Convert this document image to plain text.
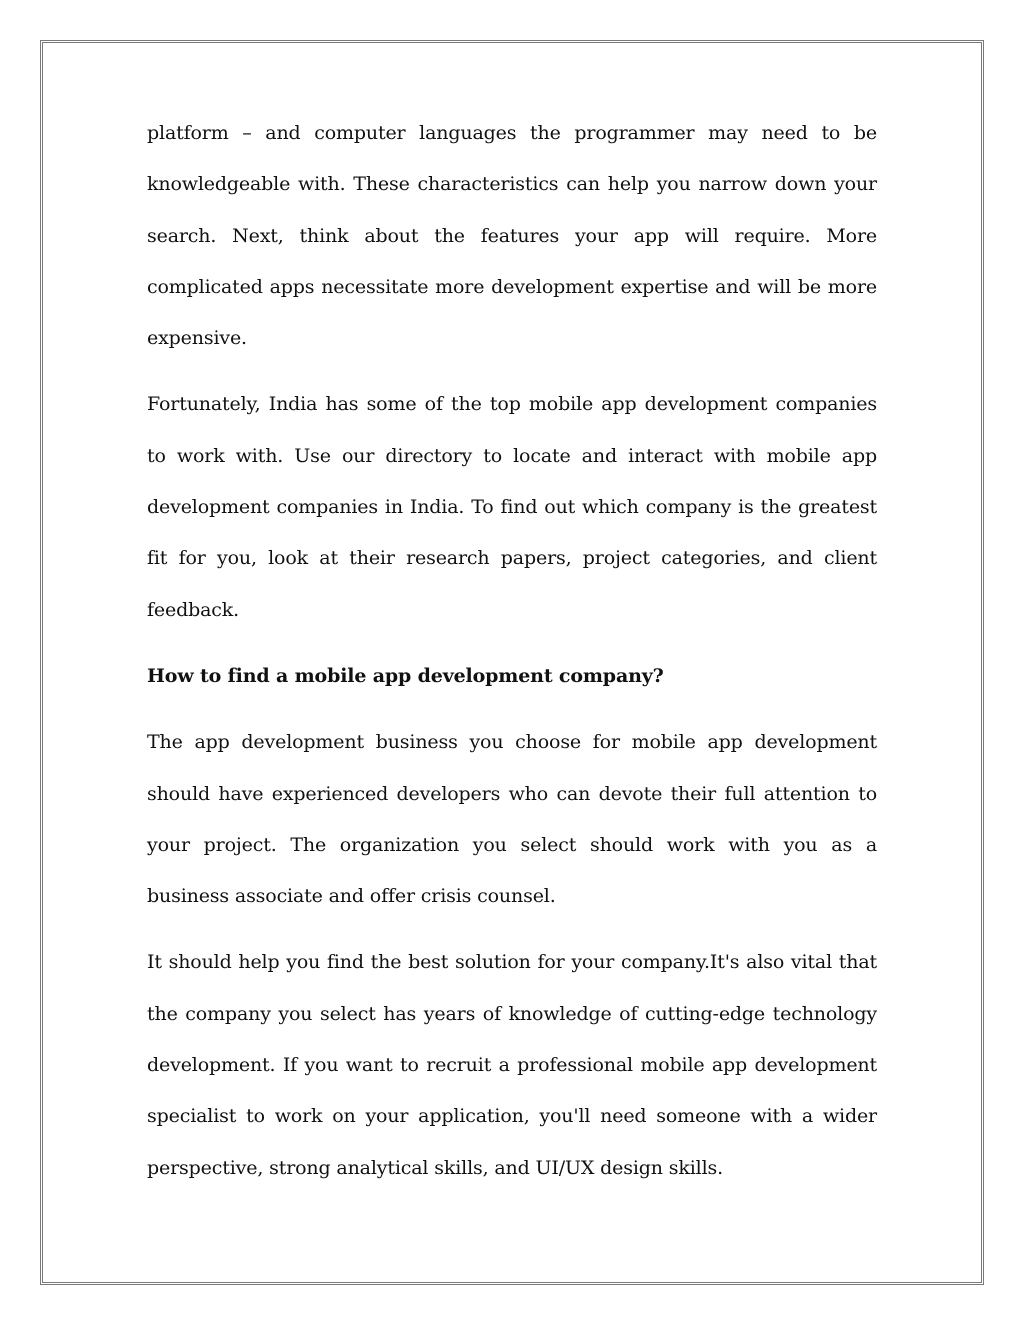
platform – and computer languages the programmer may need to be knowledgeable with. These characteristics can help you narrow down your search. Next, think about the features your app will require. More complicated apps necessitate more development expertise and will be more expensive.

Fortunately, India has some of the top mobile app development companies to work with. Use our directory to locate and interact with mobile app development companies in India. To find out which company is the greatest fit for you, look at their research papers, project categories, and client feedback.

How to find a mobile app development company?

The app development business you choose for mobile app development should have experienced developers who can devote their full attention to your project. The organization you select should work with you as a business associate and offer crisis counsel.

It should help you find the best solution for your company.It's also vital that the company you select has years of knowledge of cutting-edge technology development. If you want to recruit a professional mobile app development specialist to work on your application, you'll need someone with a wider perspective, strong analytical skills, and UI/UX design skills.
